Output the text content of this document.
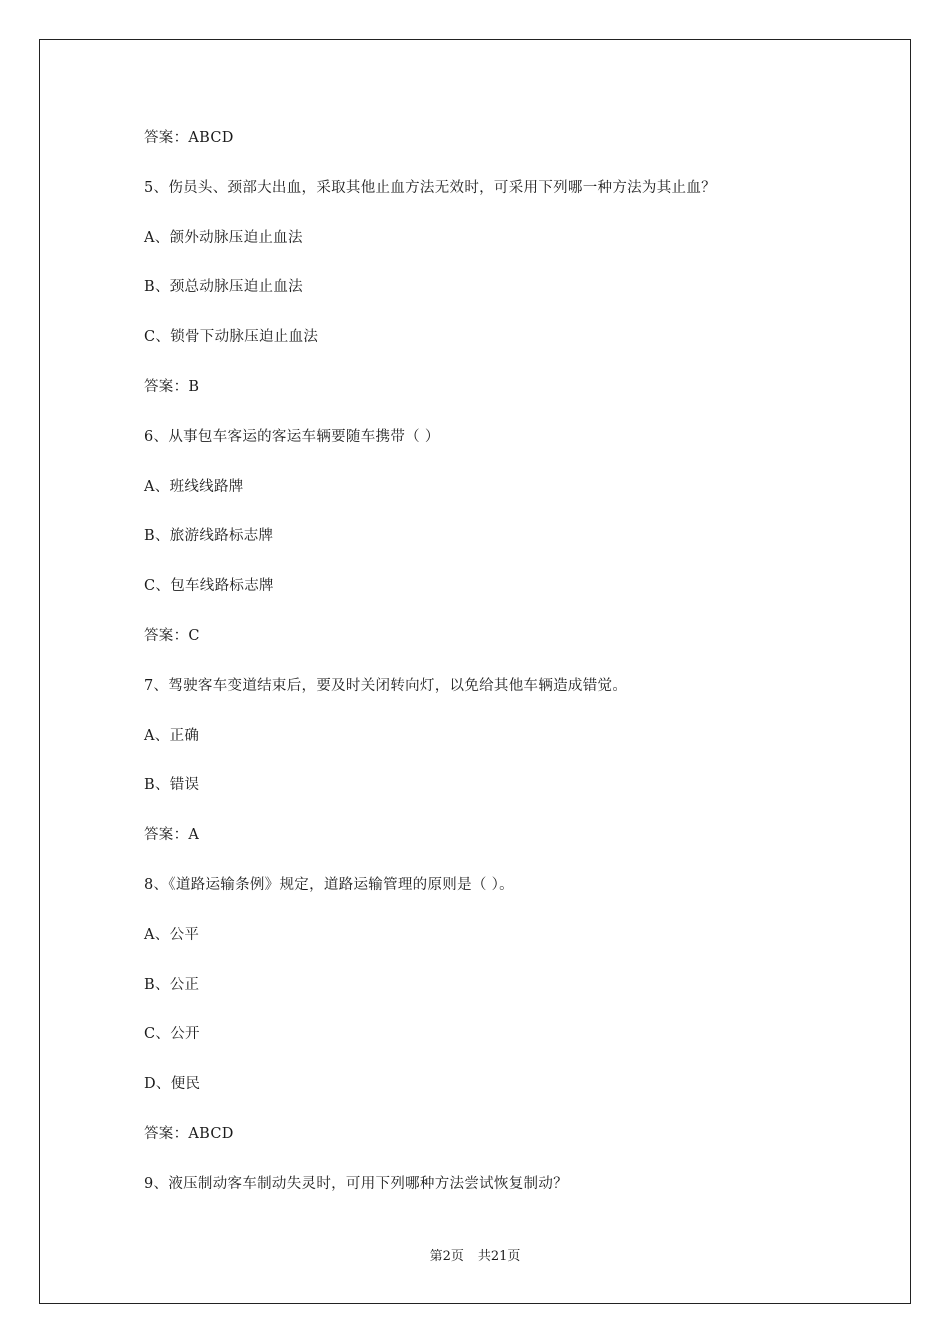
答案：ABCD
5、伤员头、颈部大出血，采取其他止血方法无效时，可采用下列哪一种方法为其止血？
A、颌外动脉压迫止血法
B、颈总动脉压迫止血法
C、锁骨下动脉压迫止血法
答案：B
6、从事包车客运的客运车辆要随车携带（ ）
A、班线线路牌
B、旅游线路标志牌
C、包车线路标志牌
答案：C
7、驾驶客车变道结束后，要及时关闭转向灯，以免给其他车辆造成错觉。
A、正确
B、错误
答案：A
8、《道路运输条例》规定，道路运输管理的原则是（ ）。
A、公平
B、公正
C、公开
D、便民
答案：ABCD
9、液压制动客车制动失灵时，可用下列哪种方法尝试恢复制动？
第2页 共21页
